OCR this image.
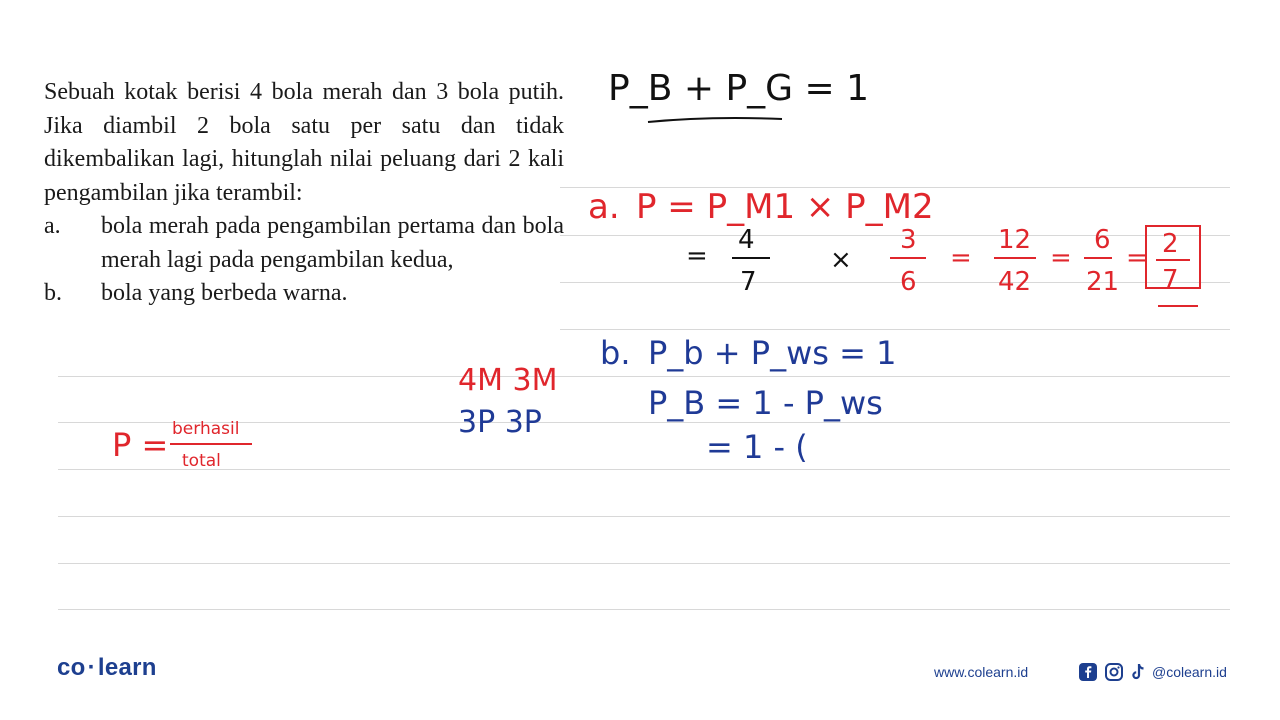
Sebuah kotak berisi 4 bola merah dan 3 bola putih. Jika diambil 2 bola satu per satu dan tidak dikembalikan lagi, hitunglah nilai peluang dari 2 kali pengambilan jika terambil:

a.	bola merah pada pengambilan pertama dan bola merah lagi pada pengambilan kedua,
b.	bola yang berbeda warna.
P_B + P_G = 1
a. P = P_M1 × P_M2
=
4
7
×
3
6
=
12
42
=
6
21
= 2
7
b. P_b + P_ws = 1
P_B = 1 - P_ws
= 1 - (
4M 3M
3P 3P
P = berhasil
total
co·learn	www.colearn.id	@colearn.id
